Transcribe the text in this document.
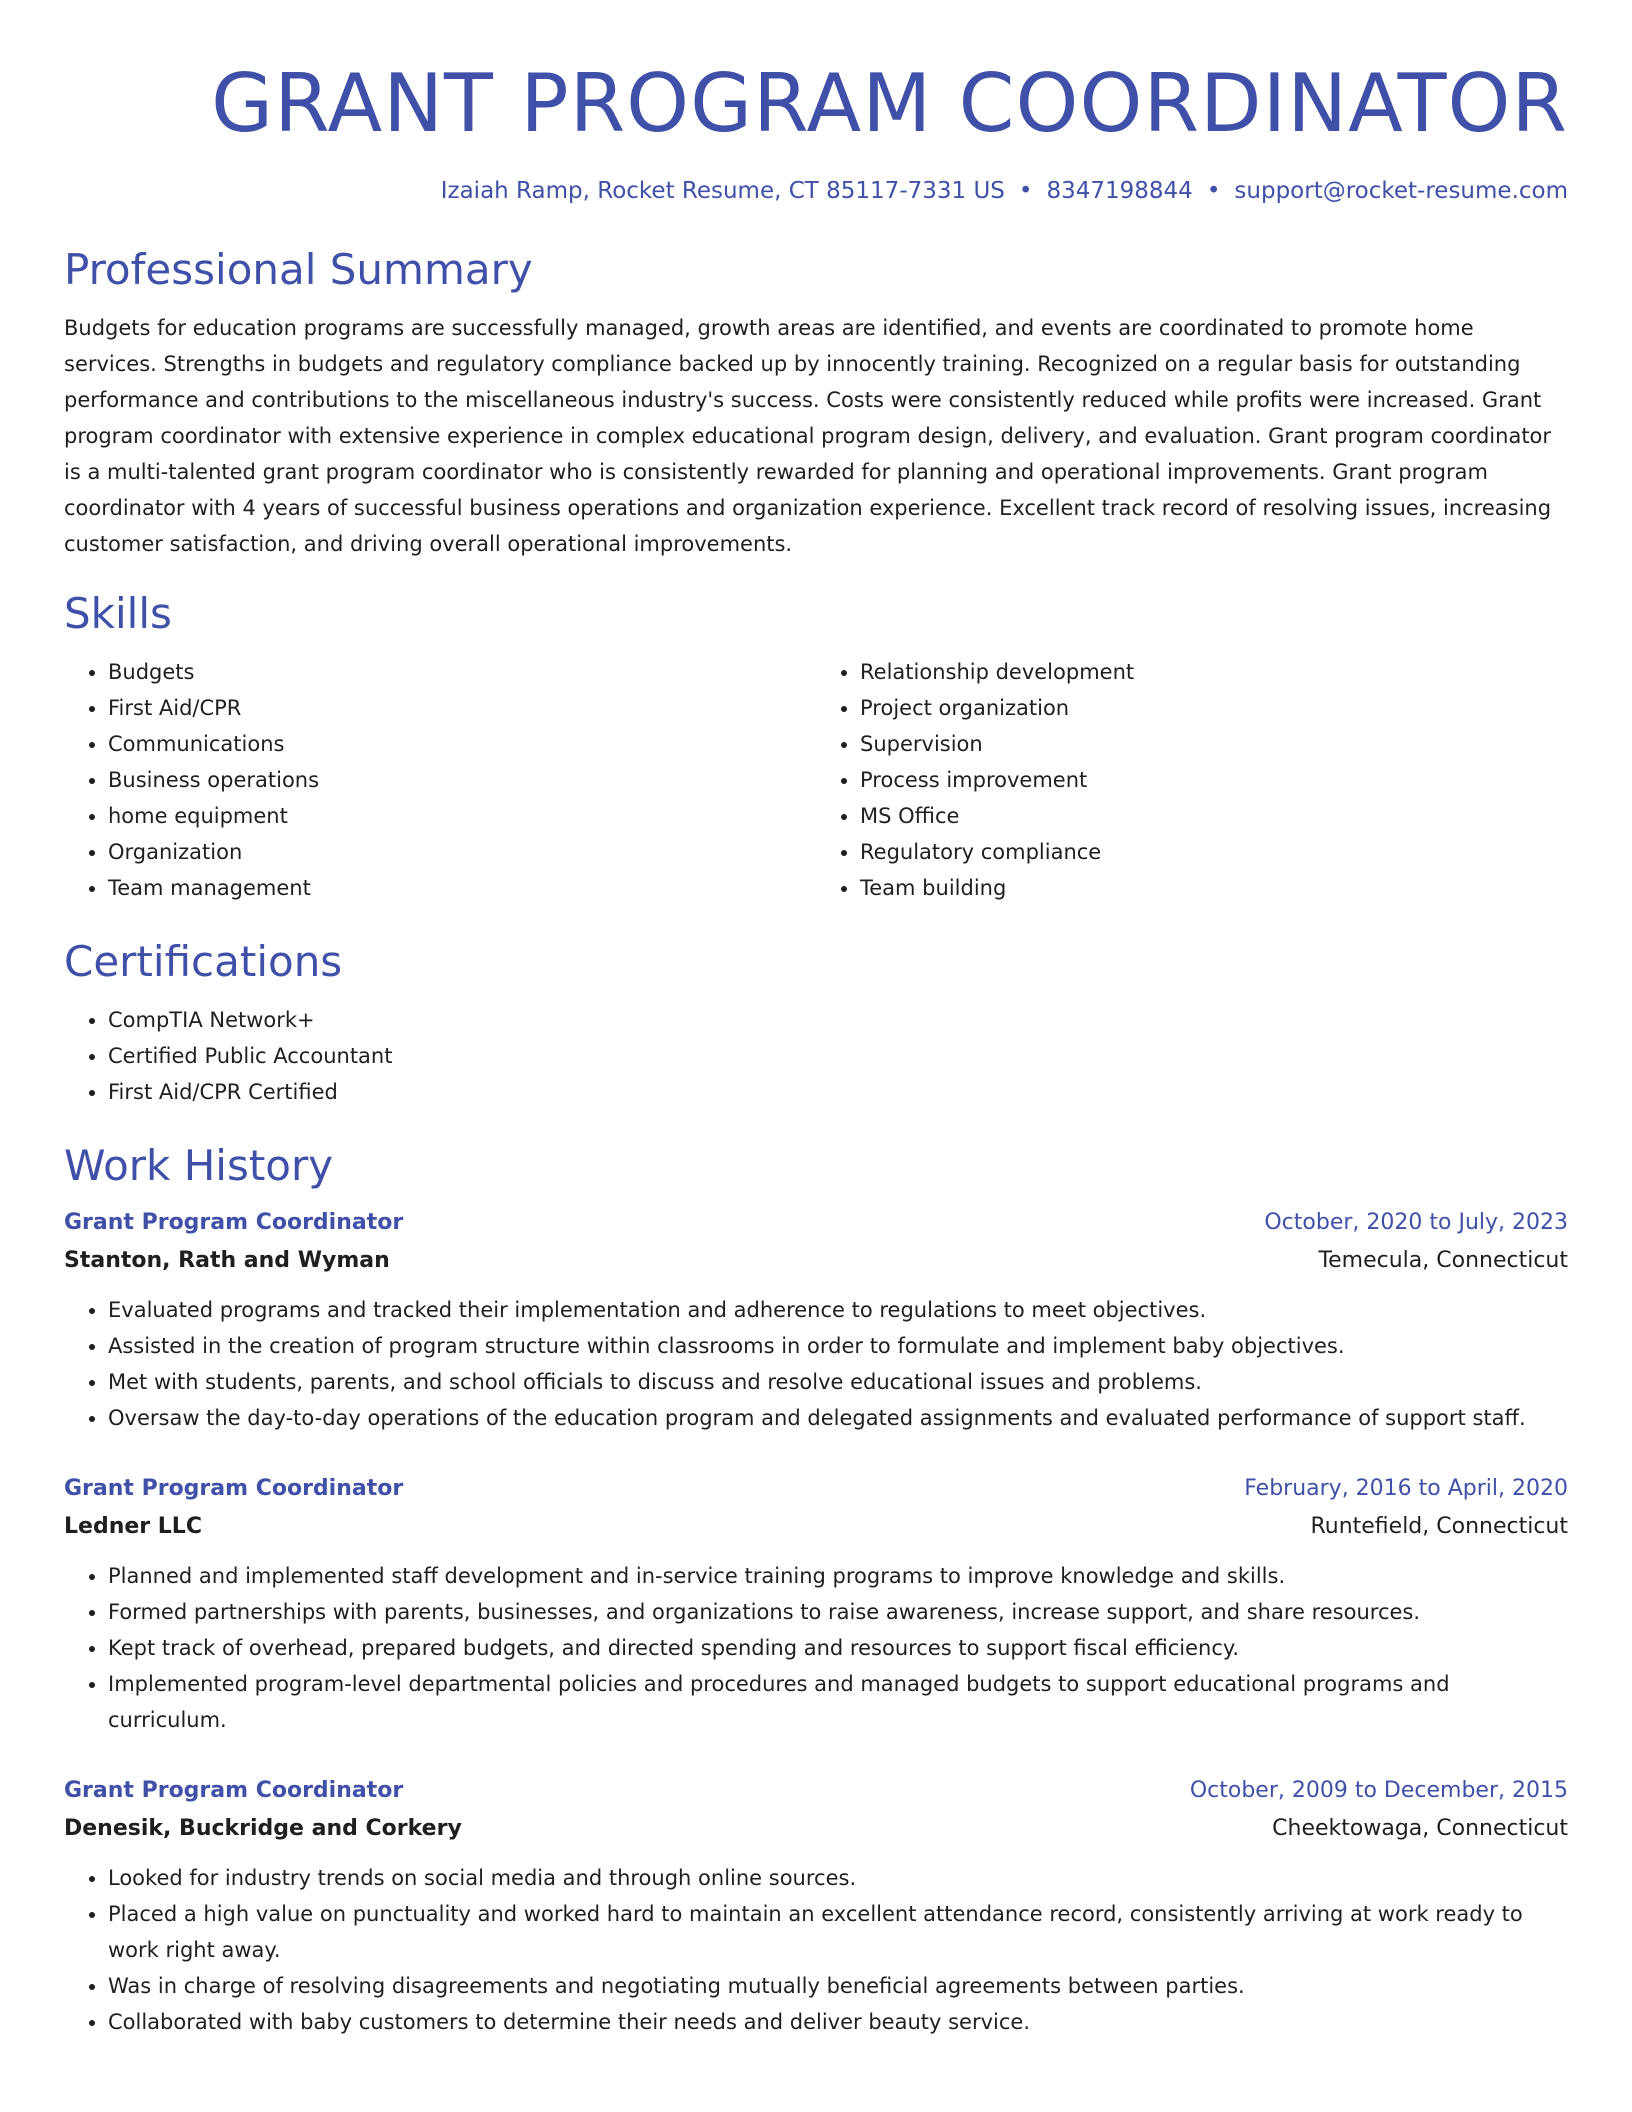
GRANT PROGRAM COORDINATOR
Izaiah Ramp, Rocket Resume, CT 85117-7331 US • 8347198844 • support@rocket-resume.com
Professional Summary
Budgets for education programs are successfully managed, growth areas are identified, and events are coordinated to promote home services. Strengths in budgets and regulatory compliance backed up by innocently training. Recognized on a regular basis for outstanding performance and contributions to the miscellaneous industry's success. Costs were consistently reduced while profits were increased. Grant program coordinator with extensive experience in complex educational program design, delivery, and evaluation. Grant program coordinator is a multi-talented grant program coordinator who is consistently rewarded for planning and operational improvements. Grant program coordinator with 4 years of successful business operations and organization experience. Excellent track record of resolving issues, increasing customer satisfaction, and driving overall operational improvements.
Skills
• Budgets
• First Aid/CPR
• Communications
• Business operations
• home equipment
• Organization
• Team management
• Relationship development
• Project organization
• Supervision
• Process improvement
• MS Office
• Regulatory compliance
• Team building
Certifications
• CompTIA Network+
• Certified Public Accountant
• First Aid/CPR Certified
Work History
Grant Program Coordinator	October, 2020 to July, 2023
Stanton, Rath and Wyman	Temecula, Connecticut
• Evaluated programs and tracked their implementation and adherence to regulations to meet objectives.
• Assisted in the creation of program structure within classrooms in order to formulate and implement baby objectives.
• Met with students, parents, and school officials to discuss and resolve educational issues and problems.
• Oversaw the day-to-day operations of the education program and delegated assignments and evaluated performance of support staff.
Grant Program Coordinator	February, 2016 to April, 2020
Ledner LLC	Runtefield, Connecticut
• Planned and implemented staff development and in-service training programs to improve knowledge and skills.
• Formed partnerships with parents, businesses, and organizations to raise awareness, increase support, and share resources.
• Kept track of overhead, prepared budgets, and directed spending and resources to support fiscal efficiency.
• Implemented program-level departmental policies and procedures and managed budgets to support educational programs and curriculum.
Grant Program Coordinator	October, 2009 to December, 2015
Denesik, Buckridge and Corkery	Cheektowaga, Connecticut
• Looked for industry trends on social media and through online sources.
• Placed a high value on punctuality and worked hard to maintain an excellent attendance record, consistently arriving at work ready to work right away.
• Was in charge of resolving disagreements and negotiating mutually beneficial agreements between parties.
• Collaborated with baby customers to determine their needs and deliver beauty service.
